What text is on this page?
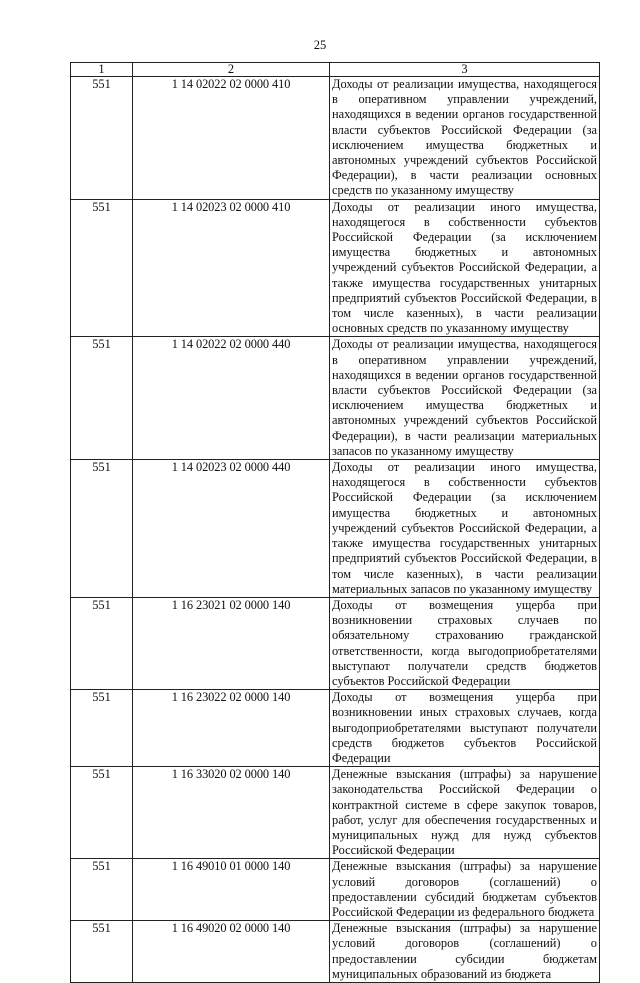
25
1	2	3
551	1 14 02022 02 0000 410	Доходы от реализации имущества, находящегося в оперативном управлении учреждений, находящихся в ведении органов государственной власти субъектов Российской Федерации (за исключением имущества бюджетных и автономных учреждений субъектов Российской Федерации), в части реализации основных средств по указанному имуществу
551	1 14 02023 02 0000 410	Доходы от реализации иного имущества, находящегося в собственности субъектов Российской Федерации (за исключением имущества бюджетных и автономных учреждений субъектов Российской Федерации, а также имущества государственных унитарных предприятий субъектов Российской Федерации, в том числе казенных), в части реализации основных средств по указанному имуществу
551	1 14 02022 02 0000 440	Доходы от реализации имущества, находящегося в оперативном управлении учреждений, находящихся в ведении органов государственной власти субъектов Российской Федерации (за исключением имущества бюджетных и автономных учреждений субъектов Российской Федерации), в части реализации материальных запасов по указанному имуществу
551	1 14 02023 02 0000 440	Доходы от реализации иного имущества, находящегося в собственности субъектов Российской Федерации (за исключением имущества бюджетных и автономных учреждений субъектов Российской Федерации, а также имущества государственных унитарных предприятий субъектов Российской Федерации, в том числе казенных), в части реализации материальных запасов по указанному имуществу
551	1 16 23021 02 0000 140	Доходы от возмещения ущерба при возникновении страховых случаев по обязательному страхованию гражданской ответственности, когда выгодоприобретателями выступают получатели средств бюджетов субъектов Российской Федерации
551	1 16 23022 02 0000 140	Доходы от возмещения ущерба при возникновении иных страховых случаев, когда выгодоприобретателями выступают получатели средств бюджетов субъектов Российской Федерации
551	1 16 33020 02 0000 140	Денежные взыскания (штрафы) за нарушение законодательства Российской Федерации о контрактной системе в сфере закупок товаров, работ, услуг для обеспечения государственных и муниципальных нужд для нужд субъектов Российской Федерации
551	1 16 49010 01 0000 140	Денежные взыскания (штрафы) за нарушение условий договоров (соглашений) о предоставлении субсидий бюджетам субъектов Российской Федерации из федерального бюджета
551	1 16 49020 02 0000 140	Денежные взыскания (штрафы) за нарушение условий договоров (соглашений) о предоставлении субсидии бюджетам муниципальных образований из бюджета
